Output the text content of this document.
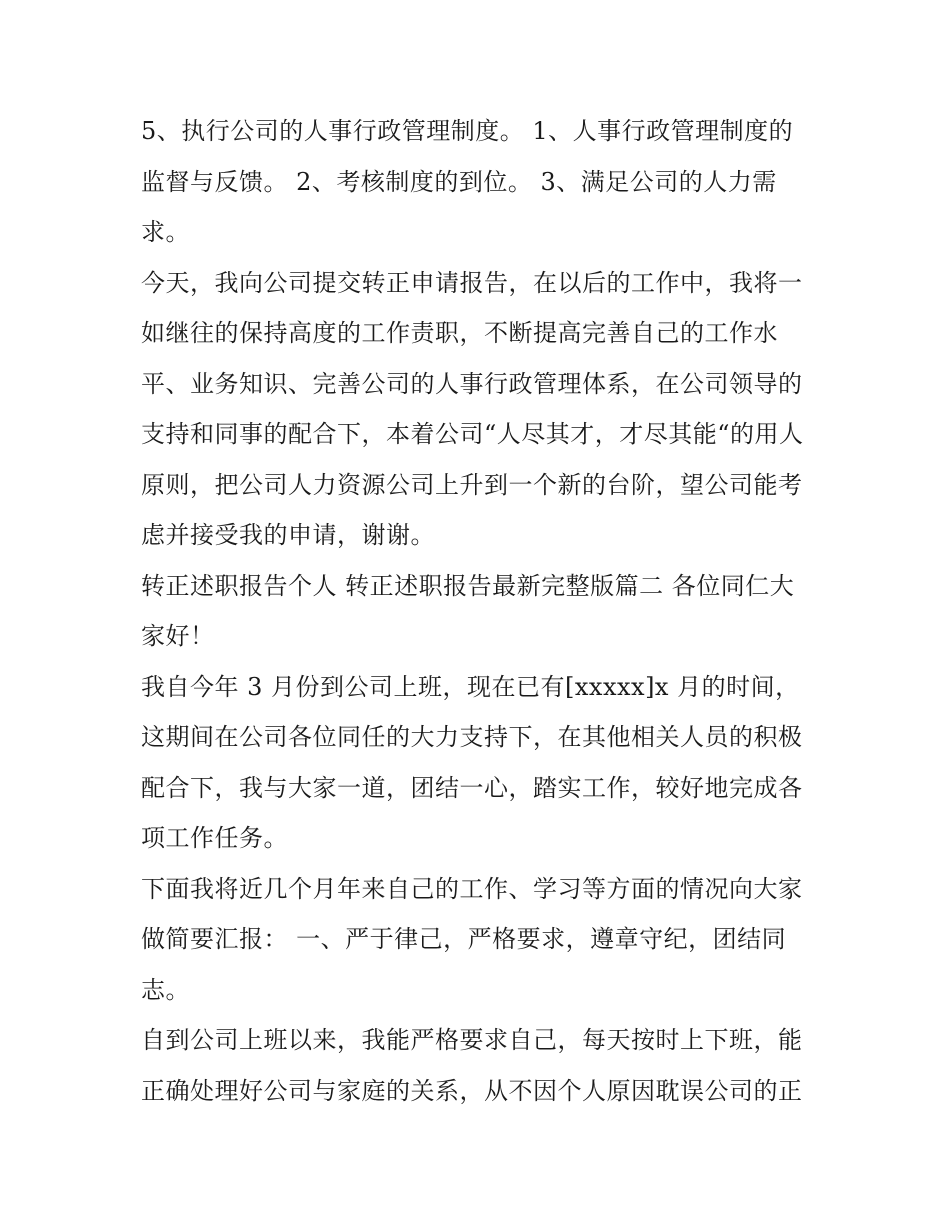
5、执行公司的人事行政管理制度。 1、人事行政管理制度的监督与反馈。 2、考核制度的到位。 3、满足公司的人力需求。

今天，我向公司提交转正申请报告，在以后的工作中，我将一如继往的保持高度的工作责职，不断提高完善自己的工作水平、业务知识、完善公司的人事行政管理体系，在公司领导的支持和同事的配合下，本着公司“人尽其才，才尽其能“的用人原则，把公司人力资源公司上升到一个新的台阶，望公司能考虑并接受我的申请，谢谢。

转正述职报告个人 转正述职报告最新完整版篇二 各位同仁大家好！

我自今年 3 月份到公司上班，现在已有[xxxxx]x 月的时间，这期间在公司各位同任的大力支持下，在其他相关人员的积极配合下，我与大家一道，团结一心，踏实工作，较好地完成各项工作任务。

下面我将近几个月年来自己的工作、学习等方面的情况向大家做简要汇报： 一、严于律己，严格要求，遵章守纪，团结同志。

自到公司上班以来，我能严格要求自己，每天按时上下班，能正确处理好公司与家庭的关系，从不因个人原因耽误公司的正
